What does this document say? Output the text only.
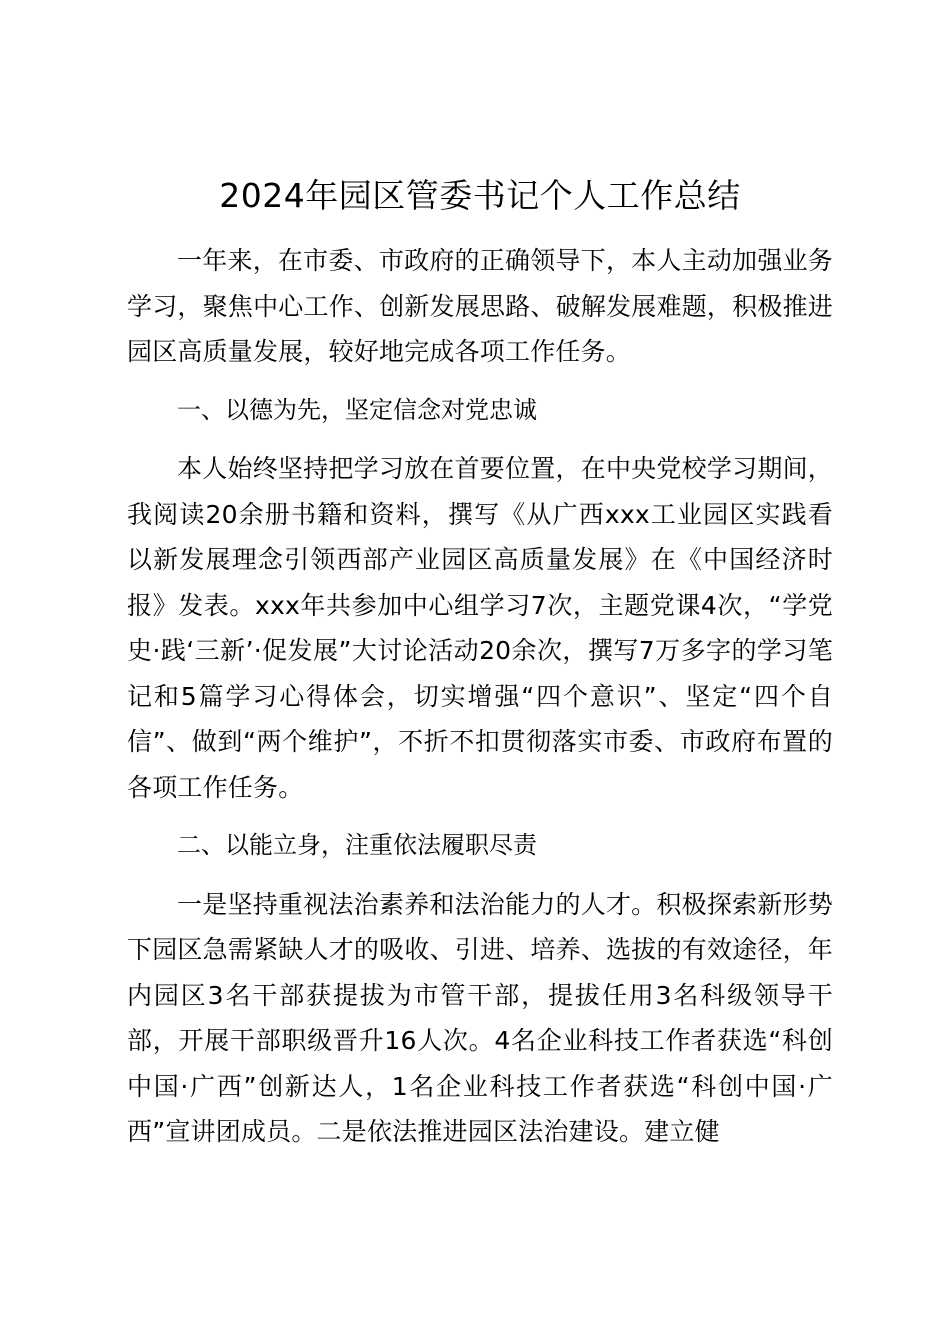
2024年园区管委书记个人工作总结

一年来，在市委、市政府的正确领导下，本人主动加强业务学习，聚焦中心工作、创新发展思路、破解发展难题，积极推进园区高质量发展，较好地完成各项工作任务。

一、以德为先，坚定信念对党忠诚

本人始终坚持把学习放在首要位置，在中央党校学习期间，我阅读20余册书籍和资料，撰写《从广西xxx工业园区实践看以新发展理念引领西部产业园区高质量发展》在《中国经济时报》发表。xxx年共参加中心组学习7次，主题党课4次，“学党史·践‘三新’·促发展”大讨论活动20余次，撰写7万多字的学习笔记和5篇学习心得体会，切实增强“四个意识”、坚定“四个自信”、做到“两个维护”，不折不扣贯彻落实市委、市政府布置的各项工作任务。

二、以能立身，注重依法履职尽责

一是坚持重视法治素养和法治能力的人才。积极探索新形势下园区急需紧缺人才的吸收、引进、培养、选拔的有效途径，年内园区3名干部获提拔为市管干部，提拔任用3名科级领导干部，开展干部职级晋升16人次。4名企业科技工作者获选“科创中国·广西”创新达人，1名企业科技工作者获选“科创中国·广西”宣讲团成员。二是依法推进园区法治建设。建立健
